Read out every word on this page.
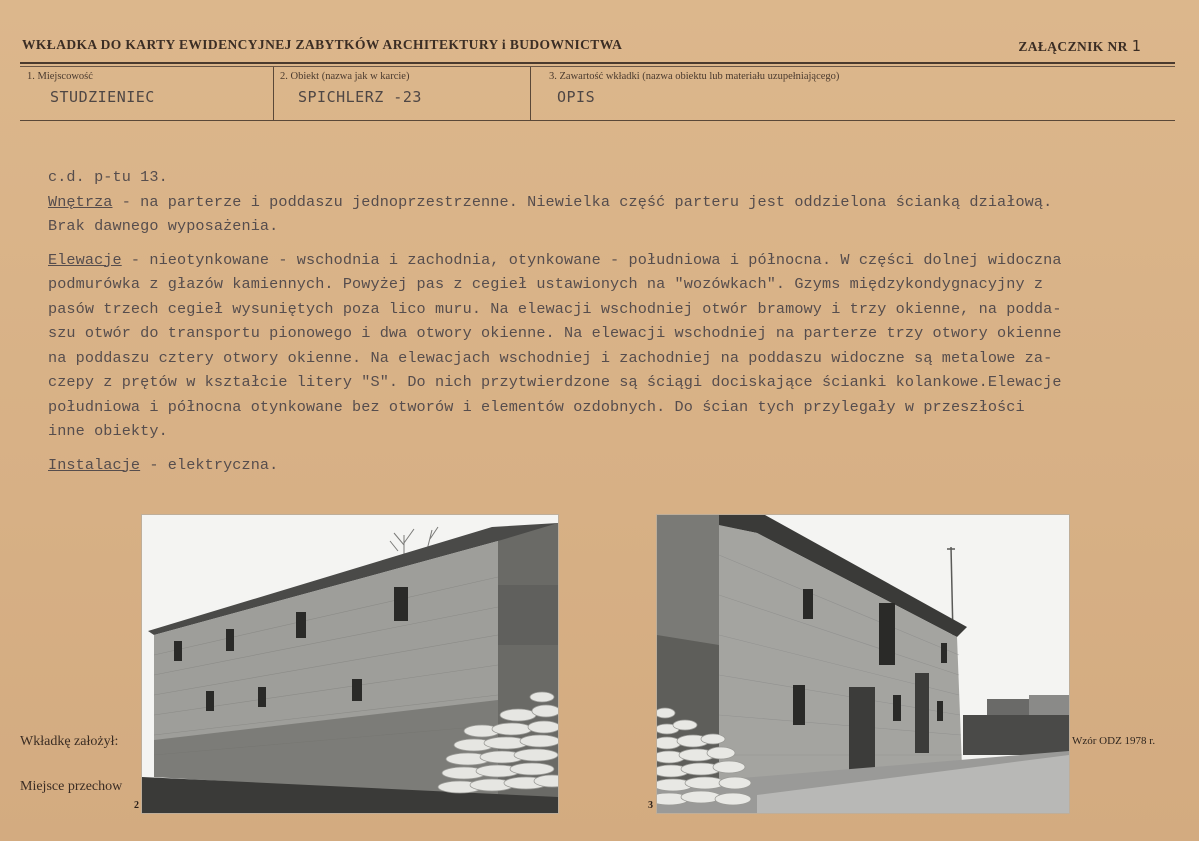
WKŁADKA DO KARTY EWIDENCYJNEJ ZABYTKÓW ARCHITEKTURY i BUDOWNICTWA	ZAŁĄCZNIK NR 1
1. Miejscowość
STUDZIENIEC
2. Obiekt (nazwa jak w karcie)
SPICHLERZ -23
3. Zawartość wkładki (nazwa obiektu lub materiału uzupełniającego)
OPIS

c.d. p-tu 13.

Wnętrza - na parterze i poddaszu jednoprzestrzenne. Niewielka część parteru jest oddzielona ścianką działową.

Brak dawnego wyposażenia.

Elewacje - nieotynkowane - wschodnia i zachodnia, otynkowane - południowa i północna. W części dolnej widoczna

podmurówka z głazów kamiennych. Powyżej pas z cegieł ustawionych na "wozówkach". Gzyms międzykondygnacyjny z

pasów trzech cegieł wysuniętych poza lico muru. Na elewacji wschodniej otwór bramowy i trzy okienne, na podda-

szu otwór do transportu pionowego i dwa otwory okienne. Na elewacji wschodniej na parterze trzy otwory okienne

na poddaszu cztery otwory okienne. Na elewacjach wschodniej i zachodniej na poddaszu widoczne są metalowe za-

czepy z prętów w kształcie litery "S". Do nich przytwierdzone są ściągi dociskające ścianki kolankowe.Elewacje

południowa i północna otynkowane bez otworów i elementów ozdobnych. Do ścian tych przylegały w przeszłości

inne obiekty.

Instalacje - elektryczna.

2	3
Wkładkę założył:
Miejsce przechow
Wzór ODZ 1978 r.
